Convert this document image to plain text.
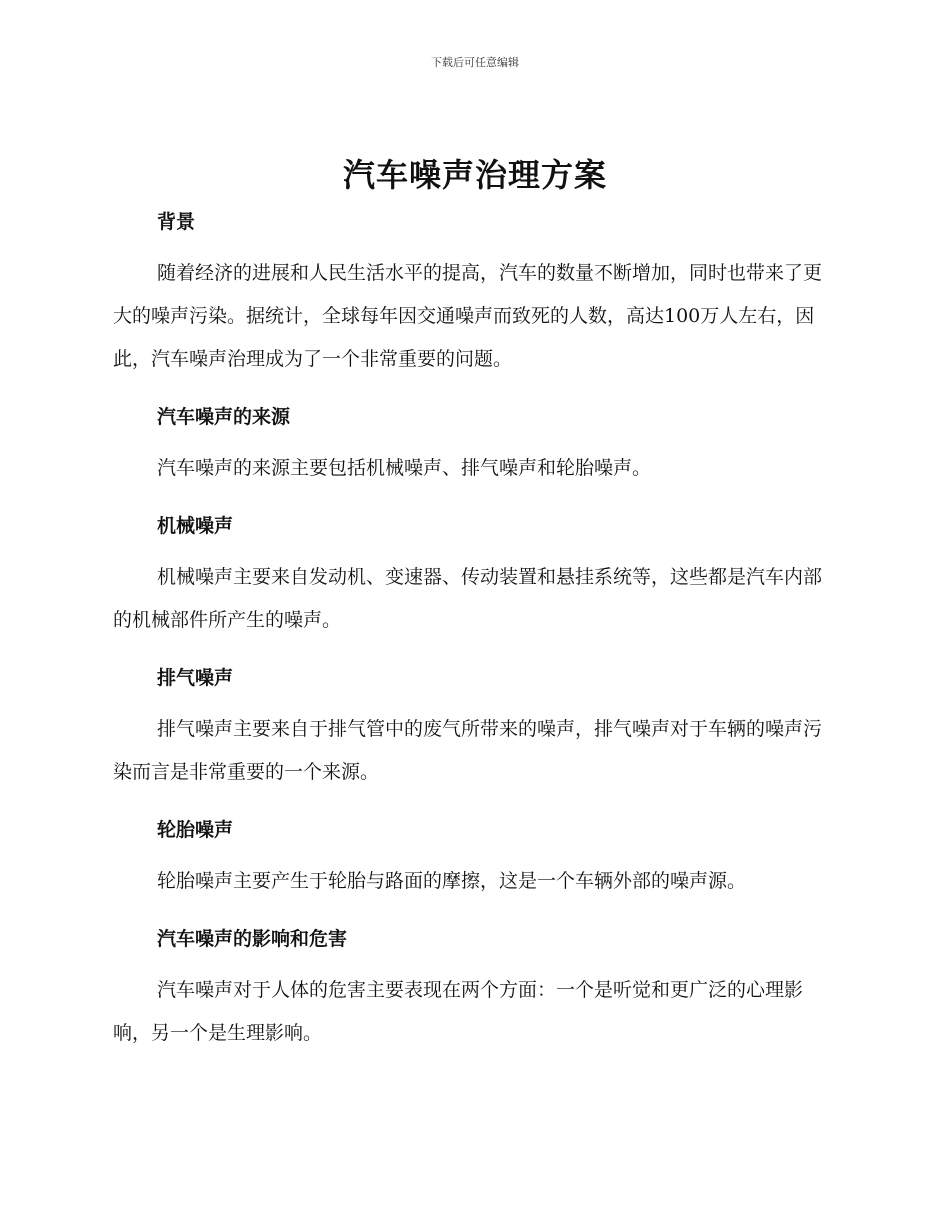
下载后可任意编辑
汽车噪声治理方案
背景

随着经济的进展和人民生活水平的提高，汽车的数量不断增加，同时也带来了更大的噪声污染。据统计，全球每年因交通噪声而致死的人数，高达100万人左右，因此，汽车噪声治理成为了一个非常重要的问题。

汽车噪声的来源

汽车噪声的来源主要包括机械噪声、排气噪声和轮胎噪声。

机械噪声

机械噪声主要来自发动机、变速器、传动装置和悬挂系统等，这些都是汽车内部的机械部件所产生的噪声。

排气噪声

排气噪声主要来自于排气管中的废气所带来的噪声，排气噪声对于车辆的噪声污染而言是非常重要的一个来源。

轮胎噪声

轮胎噪声主要产生于轮胎与路面的摩擦，这是一个车辆外部的噪声源。

汽车噪声的影响和危害

汽车噪声对于人体的危害主要表现在两个方面：一个是听觉和更广泛的心理影响，另一个是生理影响。
